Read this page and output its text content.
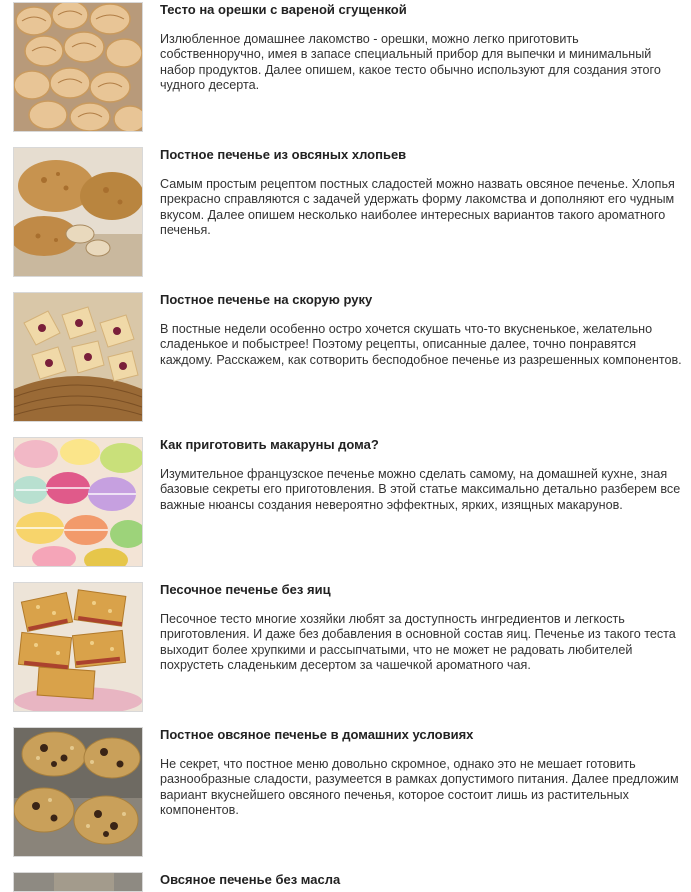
Тесто на орешки с вареной сгущенкой
Излюбленное домашнее лакомство - орешки, можно легко приготовить собственноручно, имея в запасе специальный прибор для выпечки и минимальный набор продуктов. Далее опишем, какое тесто обычно используют для создания этого чудного десерта.
Постное печенье из овсяных хлопьев
Самым простым рецептом постных сладостей можно назвать овсяное печенье. Хлопья прекрасно справляются с задачей удержать форму лакомства и дополняют его чудным вкусом. Далее опишем несколько наиболее интересных вариантов такого ароматного печенья.
Постное печенье на скорую руку
В постные недели особенно остро хочется скушать что-то вкусненькое, желательно сладенькое и побыстрее! Поэтому рецепты, описанные далее, точно понравятся каждому. Расскажем, как сотворить бесподобное печенье из разрешенных компонентов.
Как приготовить макаруны дома?
Изумительное французское печенье можно сделать самому, на домашней кухне, зная базовые секреты его приготовления. В этой статье максимально детально разберем все важные нюансы создания невероятно эффектных, ярких, изящных макарунов.
Песочное печенье без яиц
Песочное тесто многие хозяйки любят за доступность ингредиентов и легкость приготовления. И даже без добавления в основной состав яиц. Печенье из такого теста выходит более хрупкими и рассыпчатыми, что не может не радовать любителей похрустеть сладеньким десертом за чашечкой ароматного чая.
Постное овсяное печенье в домашних условиях
Не секрет, что постное меню довольно скромное, однако это не мешает готовить разнообразные сладости, разумеется в рамках допустимого питания. Далее предложим вариант вкуснейшего овсяного печенья, которое состоит лишь из растительных компонентов.
Овсяное печенье без масла
